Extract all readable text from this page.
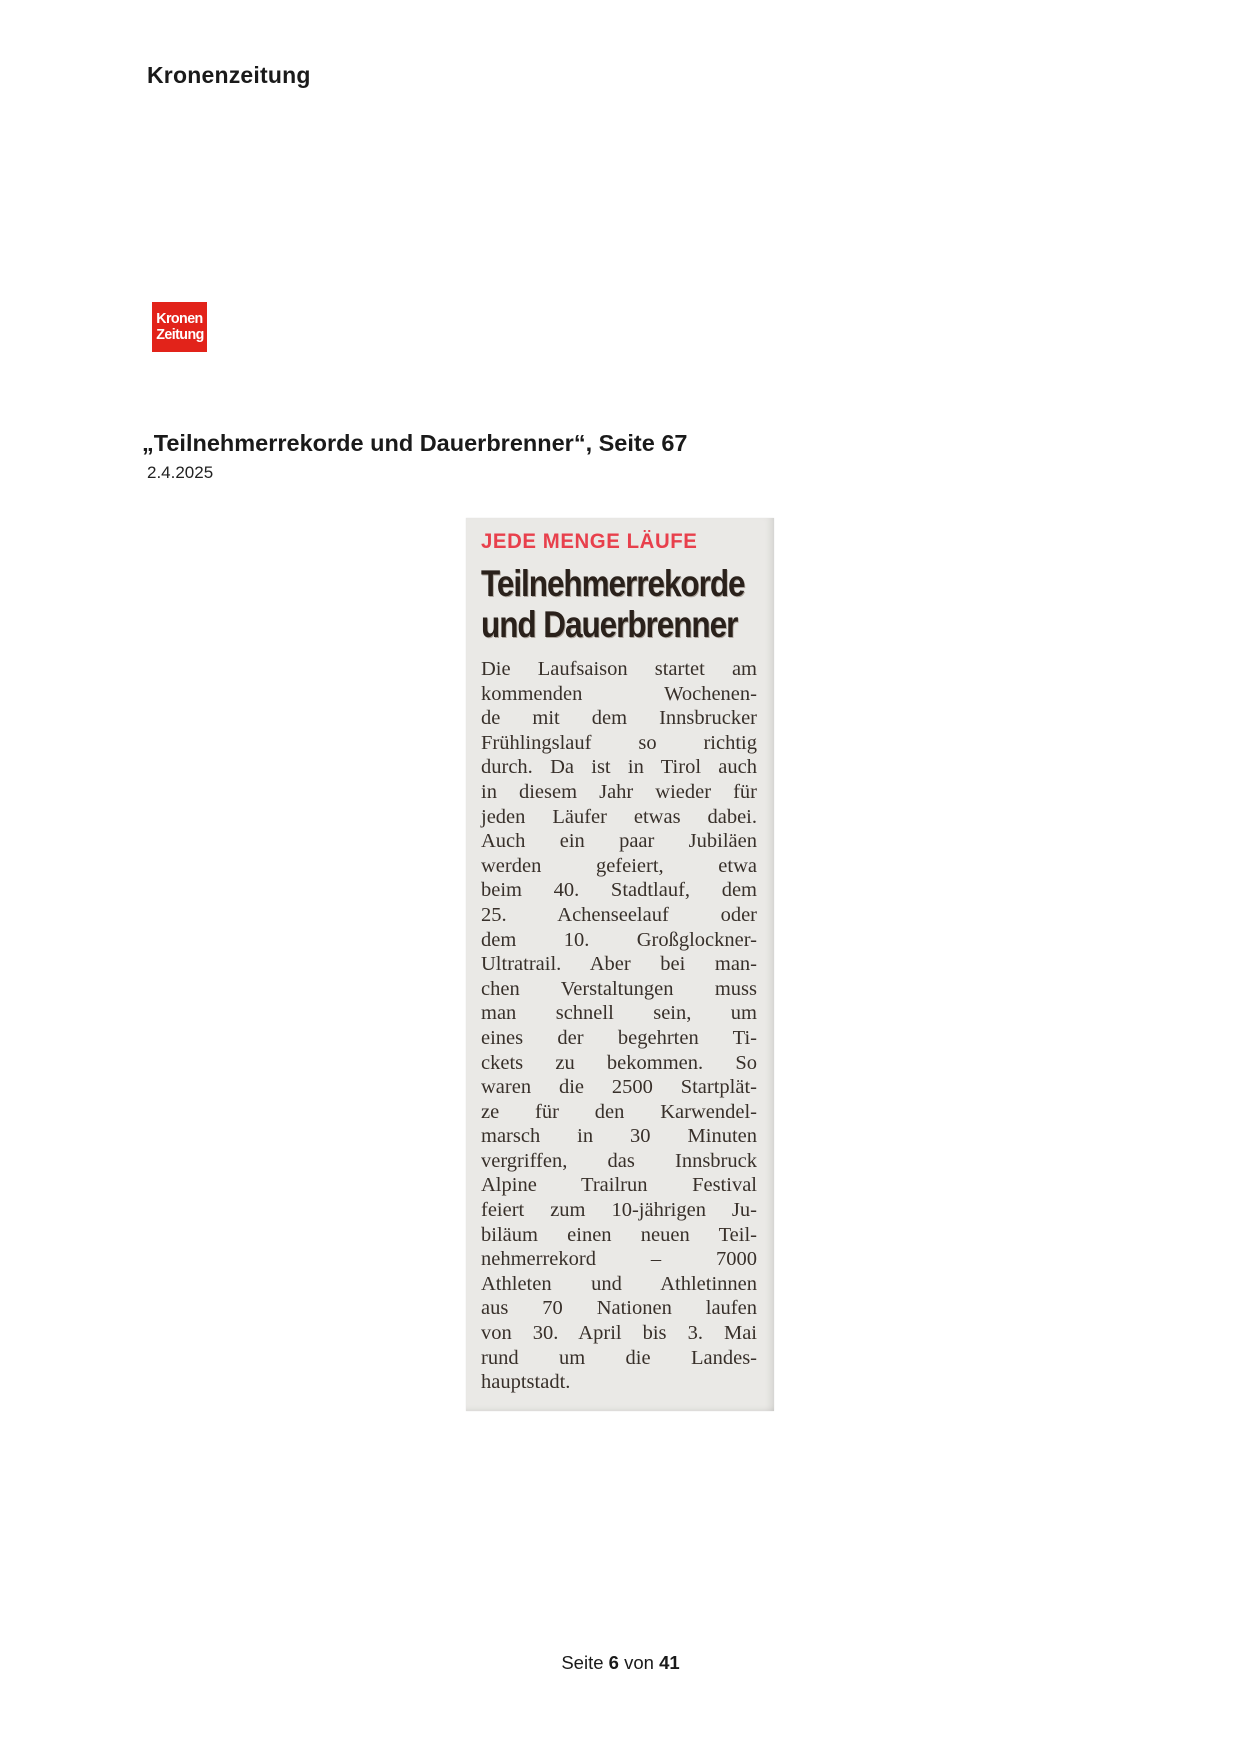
Kronenzeitung
Kronen
Zeitung
„Teilnehmerrekorde und Dauerbrenner“, Seite 67
2.4.2025
JEDE MENGE LÄUFE
Teilnehmerrekorde
und Dauerbrenner
Die Laufsaison startet am
kommenden Wochenen-
de mit dem Innsbrucker
Frühlingslauf so richtig
durch. Da ist in Tirol auch
in diesem Jahr wieder für
jeden Läufer etwas dabei.
Auch ein paar Jubiläen
werden gefeiert, etwa
beim 40. Stadtlauf, dem
25. Achenseelauf oder
dem 10. Großglockner-
Ultratrail. Aber bei man-
chen Verstaltungen muss
man schnell sein, um
eines der begehrten Ti-
ckets zu bekommen. So
waren die 2500 Startplät-
ze für den Karwendel-
marsch in 30 Minuten
vergriffen, das Innsbruck
Alpine Trailrun Festival
feiert zum 10-jährigen Ju-
biläum einen neuen Teil-
nehmerrekord – 7000
Athleten und Athletinnen
aus 70 Nationen laufen
von 30. April bis 3. Mai
rund um die Landes-
hauptstadt.
Seite 6 von 41
